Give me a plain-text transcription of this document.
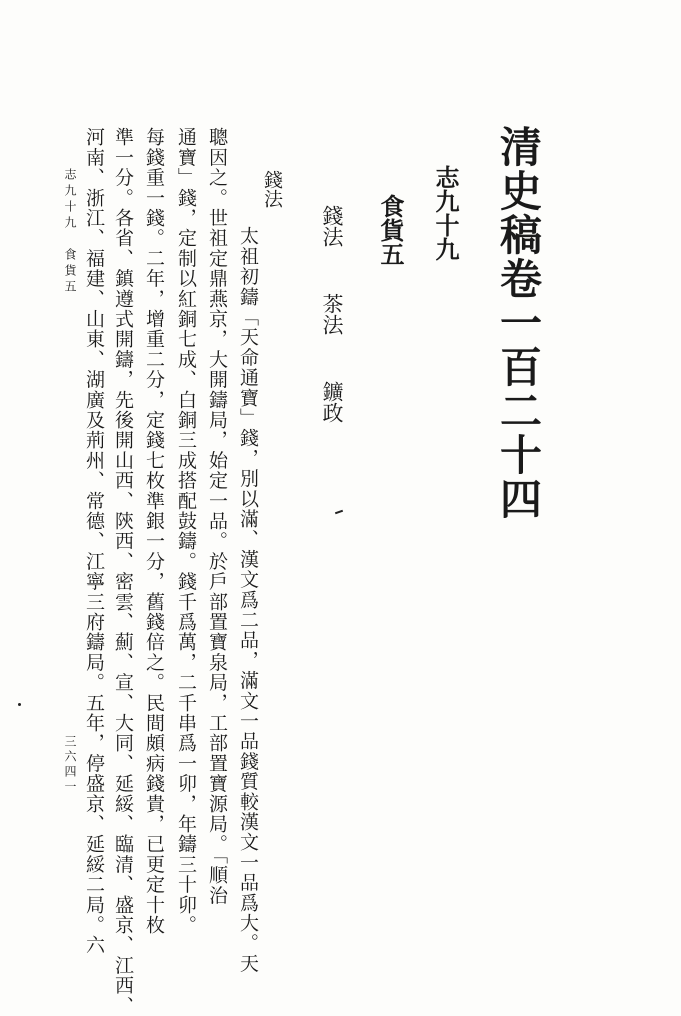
清史稿卷一百二十四
志九十九
食貨五
錢法 茶法 鑛政
錢法
太祖初鑄「天命通寶」錢，別以滿、漢文爲二品，滿文一品錢質較漢文一品爲大。天
聰因之。世祖定鼎燕京，大開鑄局，始定一品。於戶部置寶泉局，工部置寶源局。「順治
通寶」錢，定制以紅銅七成、白銅三成搭配鼓鑄。錢千爲萬，二千串爲一卯，年鑄三十卯。
每錢重一錢。二年，增重二分，定錢七枚準銀一分，舊錢倍之。民間頗病錢貴，已更定十枚
準一分。各省、鎮遵式開鑄，先後開山西、陝西、密雲、薊、宣、大同、延綏、臨清、盛京、江西、
河南、浙江、福建、山東、湖廣及荊州、常德、江寧三府鑄局。五年，停盛京、延綏二局。六
志九十九　食貨五
三六四一
